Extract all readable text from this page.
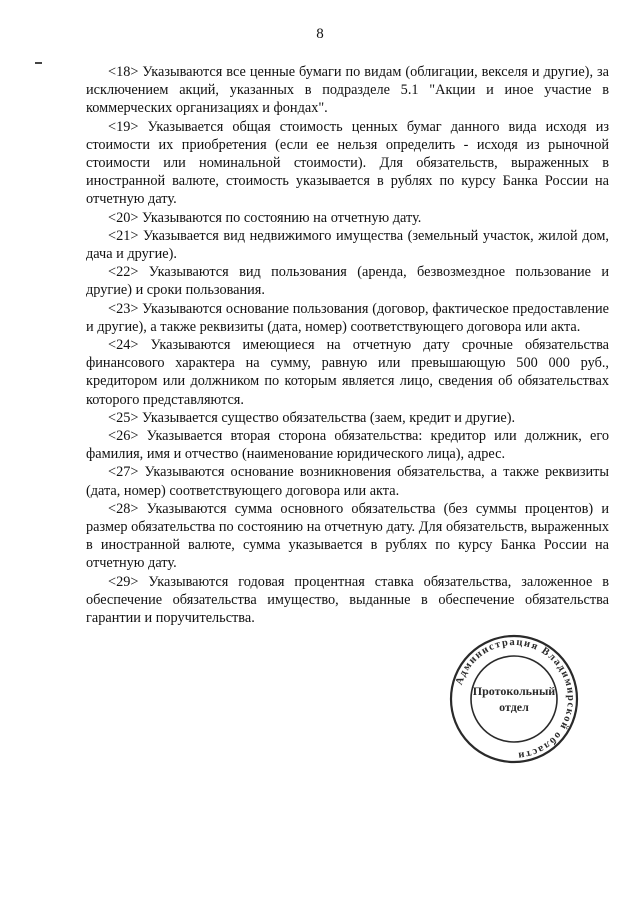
8

<18> Указываются все ценные бумаги по видам (облигации, векселя и другие), за исключением акций, указанных в подразделе 5.1 "Акции и иное участие в коммерческих организациях и фондах".

<19> Указывается общая стоимость ценных бумаг данного вида исходя из стоимости их приобретения (если ее нельзя определить - исходя из рыночной стоимости или номинальной стоимости). Для обязательств, выраженных в иностранной валюте, стоимость указывается в рублях по курсу Банка России на отчетную дату.

<20> Указываются по состоянию на отчетную дату.

<21> Указывается вид недвижимого имущества (земельный участок, жилой дом, дача и другие).

<22> Указываются вид пользования (аренда, безвозмездное пользование и другие) и сроки пользования.

<23> Указываются основание пользования (договор, фактическое предоставление и другие), а также реквизиты (дата, номер) соответствующего договора или акта.

<24> Указываются имеющиеся на отчетную дату срочные обязательства финансового характера на сумму, равную или превышающую 500 000 руб., кредитором или должником по которым является лицо, сведения об обязательствах которого представляются.

<25> Указывается существо обязательства (заем, кредит и другие).

<26> Указывается вторая сторона обязательства: кредитор или должник, его фамилия, имя и отчество (наименование юридического лица), адрес.

<27> Указываются основание возникновения обязательства, а также реквизиты (дата, номер) соответствующего договора или акта.

<28> Указываются сумма основного обязательства (без суммы процентов) и размер обязательства по состоянию на отчетную дату. Для обязательств, выраженных в иностранной валюте, сумма указывается в рублях по курсу Банка России на отчетную дату.

<29> Указываются годовая процентная ставка обязательства, заложенное в обеспечение обязательства имущество, выданные в обеспечение обязательства гарантии и поручительства.

Администрация Владимирской области
Протокольный
отдел
